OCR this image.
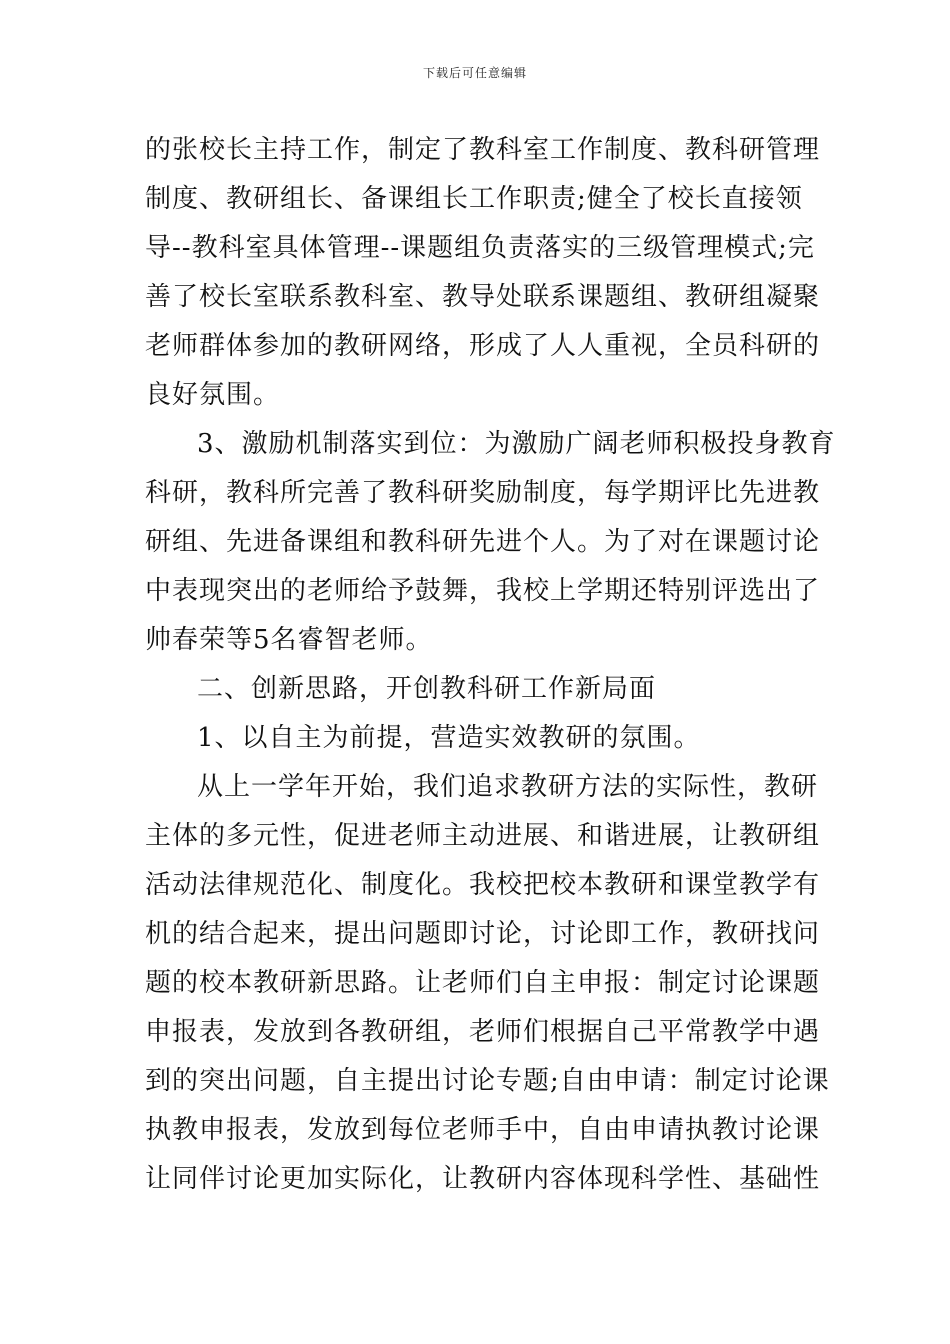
下载后可任意编辑
的张校长主持工作，制定了教科室工作制度、教科研管理
制度、教研组长、备课组长工作职责;健全了校长直接领
导--教科室具体管理--课题组负责落实的三级管理模式;完
善了校长室联系教科室、教导处联系课题组、教研组凝聚
老师群体参加的教研网络，形成了人人重视，全员科研的
良好氛围。
3、激励机制落实到位：为激励广阔老师积极投身教育
科研，教科所完善了教科研奖励制度，每学期评比先进教
研组、先进备课组和教科研先进个人。为了对在课题讨论
中表现突出的老师给予鼓舞，我校上学期还特别评选出了
帅春荣等5名睿智老师。
二、创新思路，开创教科研工作新局面
1、以自主为前提，营造实效教研的氛围。
从上一学年开始，我们追求教研方法的实际性，教研
主体的多元性，促进老师主动进展、和谐进展，让教研组
活动法律规范化、制度化。我校把校本教研和课堂教学有
机的结合起来，提出问题即讨论，讨论即工作，教研找问
题的校本教研新思路。让老师们自主申报：制定讨论课题
申报表，发放到各教研组，老师们根据自己平常教学中遇
到的突出问题，自主提出讨论专题;自由申请：制定讨论课
执教申报表，发放到每位老师手中，自由申请执教讨论课
让同伴讨论更加实际化，让教研内容体现科学性、基础性
